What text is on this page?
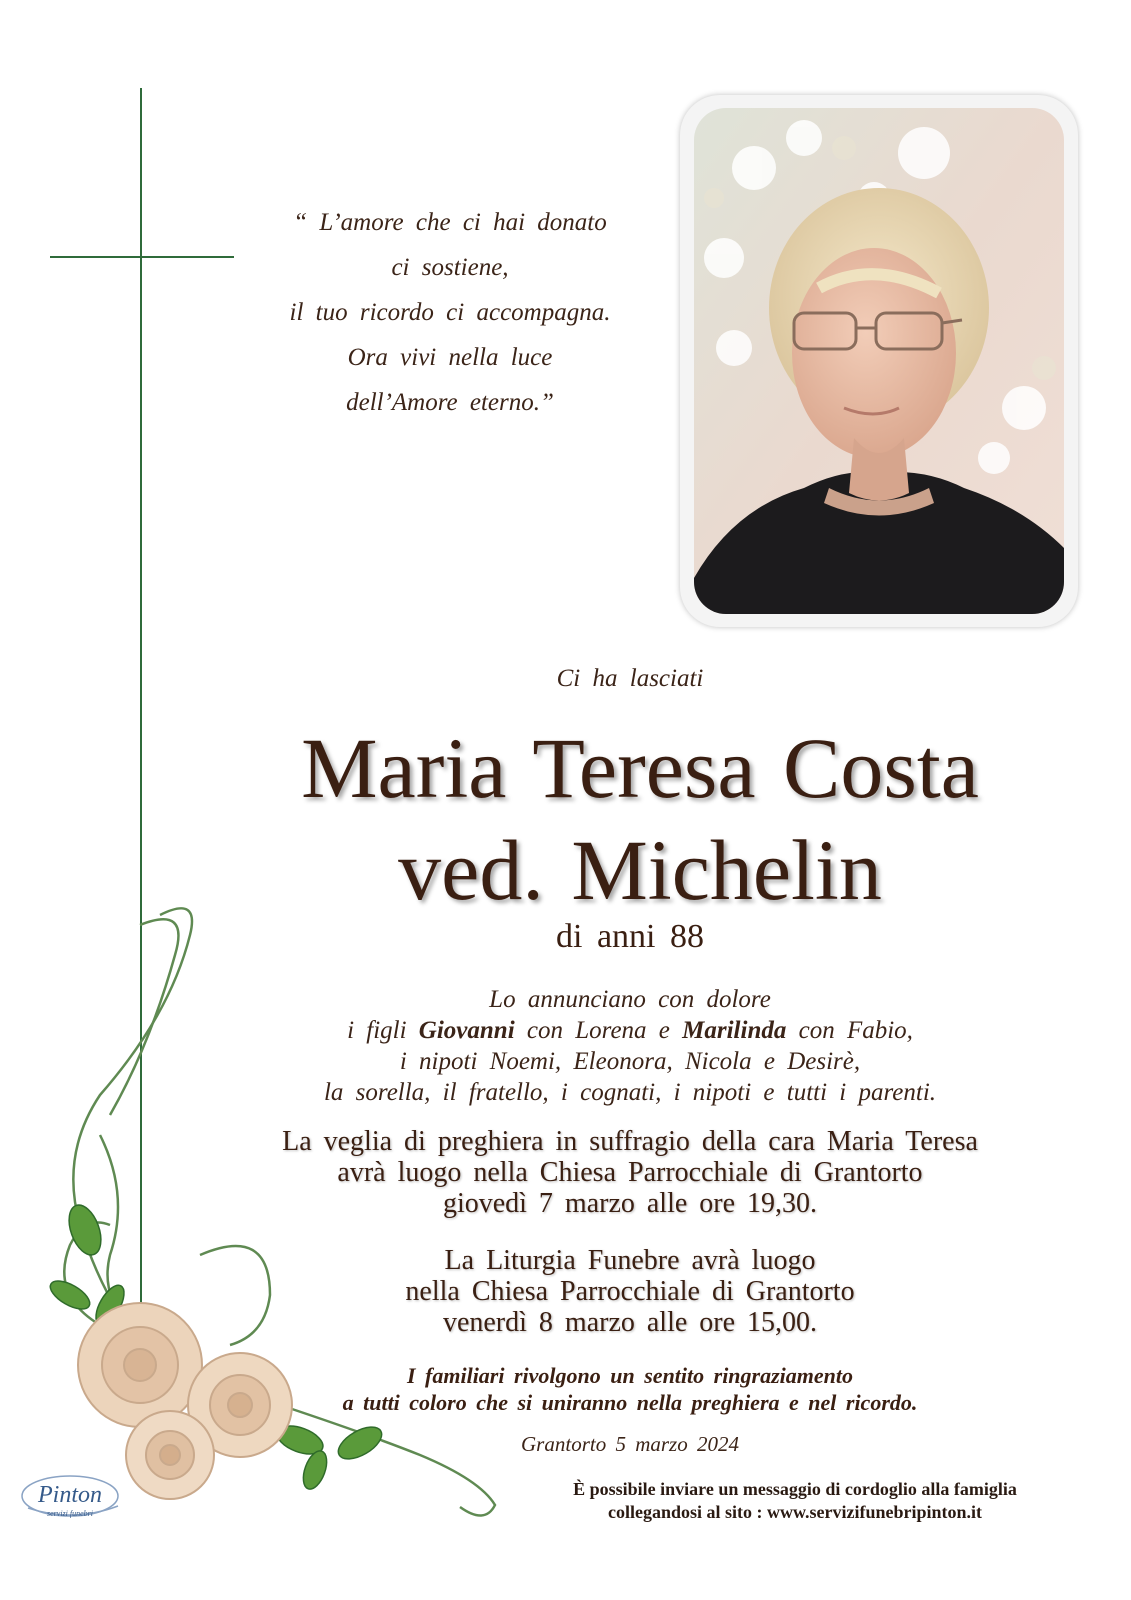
“ L’amore che ci hai donato
ci sostiene,
il tuo ricordo ci accompagna.
Ora vivi nella luce
dell’Amore eterno.”
Ci ha lasciati
Maria Teresa Costa
ved. Michelin
di anni 88
Lo annunciano con dolore
i figli Giovanni con Lorena e Marilinda con Fabio,
i nipoti Noemi, Eleonora, Nicola e Desirè,
la sorella, il fratello, i cognati, i nipoti e tutti i parenti.
La veglia di preghiera in suffragio della cara Maria Teresa
avrà luogo nella Chiesa Parrocchiale di Grantorto
giovedì 7 marzo alle ore 19,30.
La Liturgia Funebre avrà luogo
nella Chiesa Parrocchiale di Grantorto
venerdì 8 marzo alle ore 15,00.
I familiari rivolgono un sentito ringraziamento
a tutti coloro che si uniranno nella preghiera e nel ricordo.
Grantorto 5 marzo 2024
È possibile inviare un messaggio di cordoglio alla famiglia
collegandosi al sito : www.servizifunebripinton.it
Pinton
servizi funebri
